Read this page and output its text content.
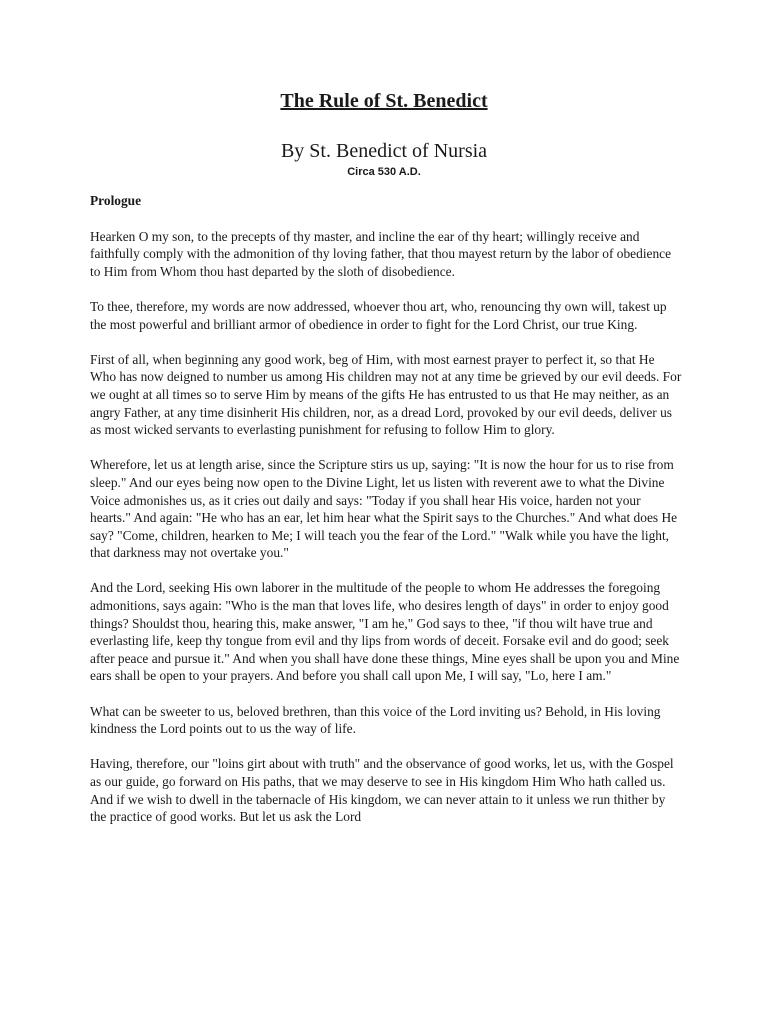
The Rule of St. Benedict
By St. Benedict of Nursia
Circa 530 A.D.
Prologue

Hearken O my son, to the precepts of thy master, and incline the ear of thy heart; willingly receive and faithfully comply with the admonition of thy loving father, that thou mayest return by the labor of obedience to Him from Whom thou hast departed by the sloth of disobedience.

To thee, therefore, my words are now addressed, whoever thou art, who, renouncing thy own will, takest up the most powerful and brilliant armor of obedience in order to fight for the Lord Christ, our true King.

First of all, when beginning any good work, beg of Him, with most earnest prayer to perfect it, so that He Who has now deigned to number us among His children may not at any time be grieved by our evil deeds. For we ought at all times so to serve Him by means of the gifts He has entrusted to us that He may neither, as an angry Father, at any time disinherit His children, nor, as a dread Lord, provoked by our evil deeds, deliver us as most wicked servants to everlasting punishment for refusing to follow Him to glory.

Wherefore, let us at length arise, since the Scripture stirs us up, saying: "It is now the hour for us to rise from sleep." And our eyes being now open to the Divine Light, let us listen with reverent awe to what the Divine Voice admonishes us, as it cries out daily and says: "Today if you shall hear His voice, harden not your hearts." And again: "He who has an ear, let him hear what the Spirit says to the Churches." And what does He say? "Come, children, hearken to Me; I will teach you the fear of the Lord." "Walk while you have the light, that darkness may not overtake you."

And the Lord, seeking His own laborer in the multitude of the people to whom He addresses the foregoing admonitions, says again: "Who is the man that loves life, who desires length of days" in order to enjoy good things? Shouldst thou, hearing this, make answer, "I am he," God says to thee, "if thou wilt have true and everlasting life, keep thy tongue from evil and thy lips from words of deceit. Forsake evil and do good; seek after peace and pursue it." And when you shall have done these things, Mine eyes shall be upon you and Mine ears shall be open to your prayers. And before you shall call upon Me, I will say, "Lo, here I am."

What can be sweeter to us, beloved brethren, than this voice of the Lord inviting us? Behold, in His loving kindness the Lord points out to us the way of life.

Having, therefore, our "loins girt about with truth" and the observance of good works, let us, with the Gospel as our guide, go forward on His paths, that we may deserve to see in His kingdom Him Who hath called us. And if we wish to dwell in the tabernacle of His kingdom, we can never attain to it unless we run thither by the practice of good works. But let us ask the Lord
